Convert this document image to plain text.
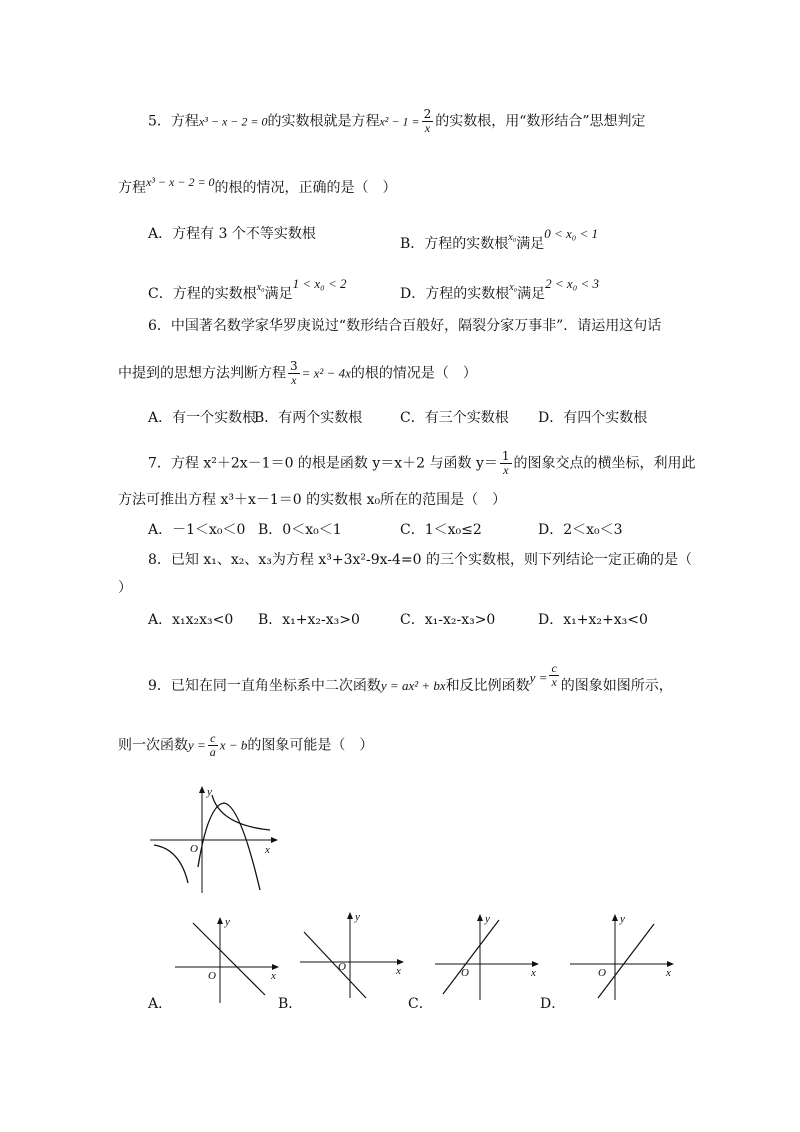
5．方程x³ − x − 2 = 0的实数根就是方程$x^2 - 1 = \frac{2}{x}$ 的实数根，用“数形结合”思想判定
方程x³ − x − 2 = 0的根的情况，正确的是（　）
A．方程有 3 个不等实数根
B．方程的实数根$^{x_0}$满足0 < x₀ < 1
C．方程的实数根$^{x_0}$满足1 < x₀ < 2
D．方程的实数根$^{x_0}$满足2 < x₀ < 3
6．中国著名数学家华罗庚说过“数形结合百般好，隔裂分家万事非”．请运用这句话
中提到的思想方法判断方程 $\frac{3}{x} = x^2 - 4x$的根的情况是（　）
A．有一个实数根
B．有两个实数根	C．有三个实数根 D．有四个实数根
7．方程 x²＋2x－1＝0 的根是函数 y＝x＋2 与函数 $y= \frac{1}{x}$ 的图象交点的横坐标，利用此
方法可推出方程 x³＋x－1＝0 的实数根 x₀所在的范围是（　）
A．－1＜x₀＜0 B．0＜x₀＜1	C．1＜x₀≤2	D．2＜x₀＜3
8．已知 x₁、x₂、x₃为方程 x³+3x²-9x-4=0 的三个实数根，则下列结论一定正确的是（
）
A．x₁x₂x₃<0 B．x₁+x₂-x₃>0	C．x₁-x₂-x₃>0	D．x₁+x₂+x₃<0
9．已知在同一直角坐标系中二次函数y = ax² + bx和反比例函数$y = \frac{c}{x}$ 的图象如图所示，
则一次函数$y = \frac{c}{a}$ x − b的图象可能是（　）
x
y
O
x
y
O
A．
x
y
O
B．
x
y
O
C．
x
y
O
D．
